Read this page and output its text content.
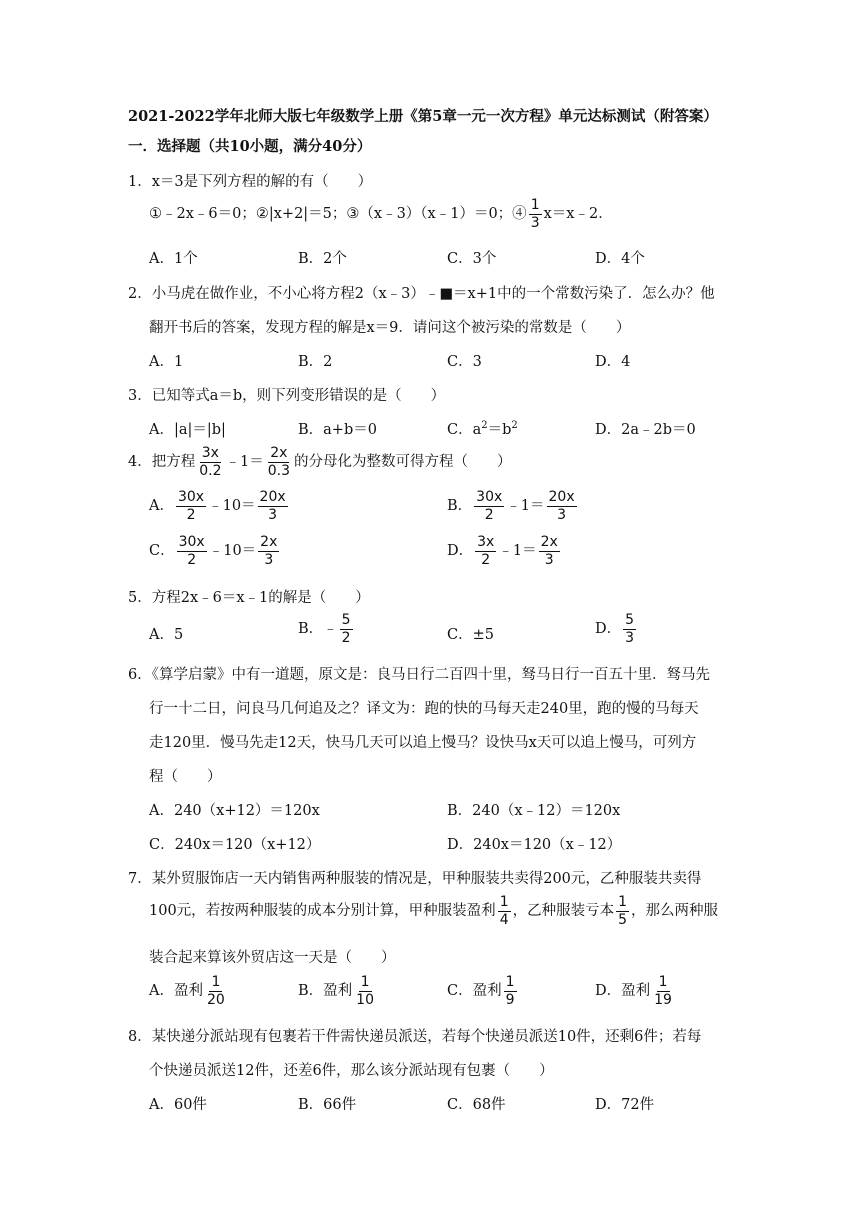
2021-2022学年北师大版七年级数学上册《第5章一元一次方程》单元达标测试（附答案）
一．选择题（共10小题，满分40分）
1．x＝3是下列方程的解的有（　　）
①﹣2x﹣6＝0；②|x+2|＝5；③（x﹣3）（x﹣1）＝0；④ $\frac{1}{3}$ x＝x﹣2．
A．1个	B．2个	C．3个	D．4个
2．小马虎在做作业，不小心将方程2（x﹣3）﹣■＝x+1中的一个常数污染了．怎么办？他
翻开书后的答案，发现方程的解是x＝9．请问这个被污染的常数是（　　）
A．1	B．2	C．3	D．4
3．已知等式a＝b，则下列变形错误的是（　　）
A．|a|＝|b|	B．a+b＝0	C．$a^2=b^2$	D．2a﹣2b＝0
4．把方程 $\frac{3x}{0.2}$ ﹣1＝ $\frac{2x}{0.3}$ 的分母化为整数可得方程（　　）
A． $\frac{30x}{2}$ ﹣10＝ $\frac{20x}{3}$	B． $\frac{30x}{2}$ ﹣1＝ $\frac{20x}{3}$
C． $\frac{30x}{2}$ ﹣10＝ $\frac{2x}{3}$	D． $\frac{3x}{2}$ ﹣1＝ $\frac{2x}{3}$
5．方程2x﹣6＝x﹣1的解是（　　）
A．5	B．﹣ $\frac{5}{2}$	C．±5	D． $\frac{5}{3}$
6．《算学启蒙》中有一道题，原文是：良马日行二百四十里，驽马日行一百五十里．驽马先
行一十二日，问良马几何追及之？译文为：跑的快的马每天走240里，跑的慢的马每天
走120里．慢马先走12天，快马几天可以追上慢马？设快马x天可以追上慢马，可列方
程（　　）
A．240（x+12）＝120x	B．240（x﹣12）＝120x
C．240x＝120（x+12）	D．240x＝120（x﹣12）
7．某外贸服饰店一天内销售两种服装的情况是，甲种服装共卖得200元，乙种服装共卖得
100元，若按两种服装的成本分别计算，甲种服装盈利 $\frac{1}{4}$ ，乙种服装亏本 $\frac{1}{5}$ ，那么两种服
装合起来算该外贸店这一天是（　　）
A．盈利 $\frac{1}{20}$	B．盈利 $\frac{1}{10}$	C．盈利 $\frac{1}{9}$	D．盈利 $\frac{1}{19}$
8．某快递分派站现有包裹若干件需快递员派送，若每个快递员派送10件，还剩6件；若每
个快递员派送12件，还差6件，那么该分派站现有包裹（　　）
A．60件	B．66件	C．68件	D．72件
